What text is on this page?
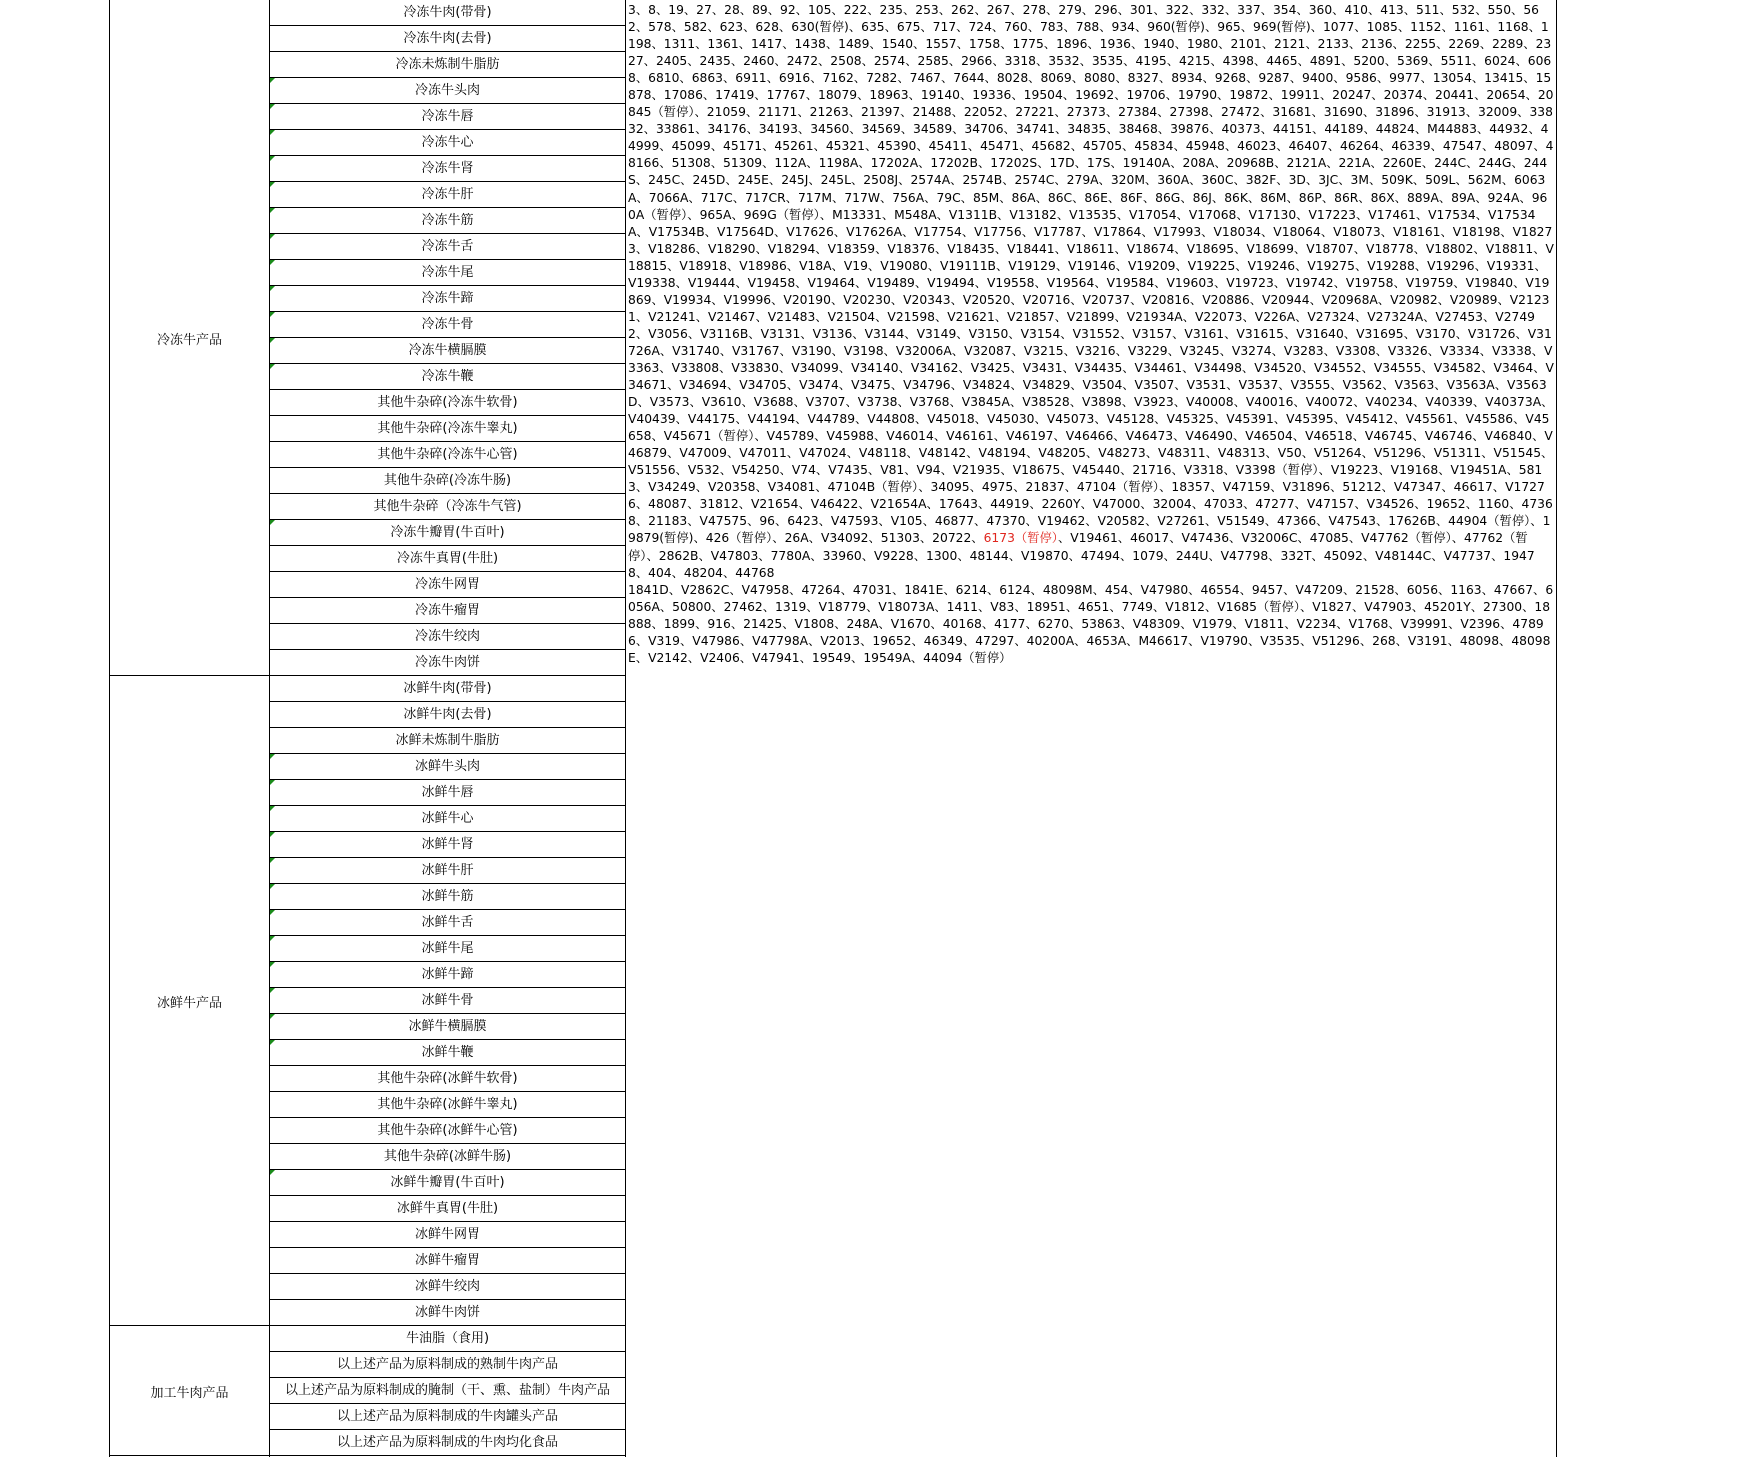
冷冻牛产品
冷冻牛肉(带骨)
冷冻牛肉(去骨)
冷冻未炼制牛脂肪
冷冻牛头肉
冷冻牛唇
冷冻牛心
冷冻牛肾
冷冻牛肝
冷冻牛筋
冷冻牛舌
冷冻牛尾
冷冻牛蹄
冷冻牛骨
冷冻牛横膈膜
冷冻牛鞭
其他牛杂碎(冷冻牛软骨)
其他牛杂碎(冷冻牛睾丸)
其他牛杂碎(冷冻牛心管)
其他牛杂碎(冷冻牛肠)
其他牛杂碎（冷冻牛气管)
冷冻牛瓣胃(牛百叶)
冷冻牛真胃(牛肚)
冷冻牛网胃
冷冻牛瘤胃
冷冻牛绞肉
冷冻牛肉饼
冰鲜牛产品
冰鲜牛肉(带骨)
冰鲜牛肉(去骨)
冰鲜未炼制牛脂肪
冰鲜牛头肉
冰鲜牛唇
冰鲜牛心
冰鲜牛肾
冰鲜牛肝
冰鲜牛筋
冰鲜牛舌
冰鲜牛尾
冰鲜牛蹄
冰鲜牛骨
冰鲜牛横膈膜
冰鲜牛鞭
其他牛杂碎(冰鲜牛软骨)
其他牛杂碎(冰鲜牛睾丸)
其他牛杂碎(冰鲜牛心管)
其他牛杂碎(冰鲜牛肠)
冰鲜牛瓣胃(牛百叶)
冰鲜牛真胃(牛肚)
冰鲜牛网胃
冰鲜牛瘤胃
冰鲜牛绞肉
冰鲜牛肉饼
加工牛肉产品
牛油脂（食用)
以上述产品为原料制成的熟制牛肉产品
以上述产品为原料制成的腌制（干、熏、盐制）牛肉产品
以上述产品为原料制成的牛肉罐头产品
以上述产品为原料制成的牛肉均化食品
3、8、19、27、28、89、92、105、222、235、253、262、267、278、279、296、301、322、332、337、354、360、410、413、511、532、550、562、578、582、623、628、630(暂停)、635、675、717、724、760、783、788、934、960(暂停)、965、969(暂停)、1077、1085、1152、1161、1168、1198、1311、1361、1417、1438、1489、1540、1557、1758、1775、1896、1936、1940、1980、2101、2121、2133、2136、2255、2269、2289、2327、2405、2435、2460、2472、2508、2574、2585、2966、3318、3532、3535、4195、4215、4398、4465、4891、5200、5369、5511、6024、6068、6810、6863、6911、6916、7162、7282、7467、7644、8028、8069、8080、8327、8934、9268、9287、9400、9586、9977、13054、13415、15878、17086、17419、17767、18079、18963、19140、19336、19504、19692、19706、19790、19872、19911、20247、20374、20441、20654、20845（暂停）、21059、21171、21263、21397、21488、22052、27221、27373、27384、27398、27472、31681、31690、31896、31913、32009、33832、33861、34176、34193、34560、34569、34589、34706、34741、34835、38468、39876、40373、44151、44189、44824、M44883、44932、44999、45099、45171、45261、45321、45390、45411、45471、45682、45705、45834、45948、46023、46407、46264、46339、47547、48097、48166、51308、51309、112A、1198A、17202A、17202B、17202S、17D、17S、19140A、208A、20968B、2121A、221A、2260E、244C、244G、244S、245C、245D、245E、245J、245L、2508J、2574A、2574B、2574C、279A、320M、360A、360C、382F、3D、3JC、3M、509K、509L、562M、6063A、7066A、717C、717CR、717M、717W、756A、79C、85M、86A、86C、86E、86F、86G、86J、86K、86M、86P、86R、86X、889A、89A、924A、960A（暂停）、965A、969G（暂停）、M13331、M548A、V1311B、V13182、V13535、V17054、V17068、V17130、V17223、V17461、V17534、V17534A、V17534B、V17564D、V17626、V17626A、V17754、V17756、V17787、V17864、V17993、V18034、V18064、V18073、V18161、V18198、V18273、V18286、V18290、V18294、V18359、V18376、V18435、V18441、V18611、V18674、V18695、V18699、V18707、V18778、V18802、V18811、V18815、V18918、V18986、V18A、V19、V19080、V19111B、V19129、V19146、V19209、V19225、V19246、V19275、V19288、V19296、V19331、V19338、V19444、V19458、V19464、V19489、V19494、V19558、V19564、V19584、V19603、V19723、V19742、V19758、V19759、V19840、V19869、V19934、V19996、V20190、V20230、V20343、V20520、V20716、V20737、V20816、V20886、V20944、V20968A、V20982、V20989、V21231、V21241、V21467、V21483、V21504、V21598、V21621、V21857、V21899、V21934A、V22073、V226A、V27324、V27324A、V27453、V27492、V3056、V3116B、V3131、V3136、V3144、V3149、V3150、V3154、V31552、V3157、V3161、V31615、V31640、V31695、V3170、V31726、V31726A、V31740、V31767、V3190、V3198、V32006A、V32087、V3215、V3216、V3229、V3245、V3274、V3283、V3308、V3326、V3334、V3338、V3363、V33808、V33830、V34099、V34140、V34162、V3425、V3431、V34435、V34461、V34498、V34520、V34552、V34555、V34582、V3464、V34671、V34694、V34705、V3474、V3475、V34796、V34824、V34829、V3504、V3507、V3531、V3537、V3555、V3562、V3563、V3563A、V3563D、V3573、V3610、V3688、V3707、V3738、V3768、V3845A、V38528、V3898、V3923、V40008、V40016、V40072、V40234、V40339、V40373A、V40439、V44175、V44194、V44789、V44808、V45018、V45030、V45073、V45128、V45325、V45391、V45395、V45412、V45561、V45586、V45658、V45671（暂停）、V45789、V45988、V46014、V46161、V46197、V46466、V46473、V46490、V46504、V46518、V46745、V46746、V46840、V46879、V47009、V47011、V47024、V48118、V48142、V48194、V48205、V48273、V48311、V48313、V50、V51264、V51296、V51311、V51545、V51556、V532、V54250、V74、V7435、V81、V94、V21935、V18675、V45440、21716、V3318、V3398（暂停）、V19223、V19168、V19451A、5813、V34249、V20358、V34081、47104B（暂停）、34095、4975、21837、47104（暂停）、18357、V47159、V31896、51212、V47347、46617、V17276、48087、31812、V21654、V46422、V21654A、17643、44919、2260Y、V47000、32004、47033、47277、V47157、V34526、19652、1160、47368、21183、V47575、96、6423、V47593、V105、46877、47370、V19462、V20582、V27261、V51549、47366、V47543、17626B、44904（暂停）、19879(暂停)、426（暂停）、26A、V34092、51303、20722、6173（暂停）、V19461、46017、V47436、V32006C、47085、V47762（暂停）、47762（暂停）、2862B、V47803、7780A、33960、V9228、1300、48144、V19870、47494、1079、244U、V47798、332T、45092、V48144C、V47737、19478、404、48204、44768
1841D、V2862C、V47958、47264、47031、1841E、6214、6124、48098M、454、V47980、46554、9457、V47209、21528、6056、1163、47667、6056A、50800、27462、1319、V18779、V18073A、1411、V83、18951、4651、7749、V1812、V1685（暂停）、V1827、V47903、45201Y、27300、18888、1899、916、21425、V1808、248A、V1670、40168、4177、6270、53863、V48309、V1979、V1811、V2234、V1768、V39991、V2396、47896、V319、V47986、V47798A、V2013、19652、46349、47297、40200A、4653A、M46617、V19790、V3535、V51296、268、V3191、48098、48098E、V2142、V2406、V47941、19549、19549A、44094（暂停）
